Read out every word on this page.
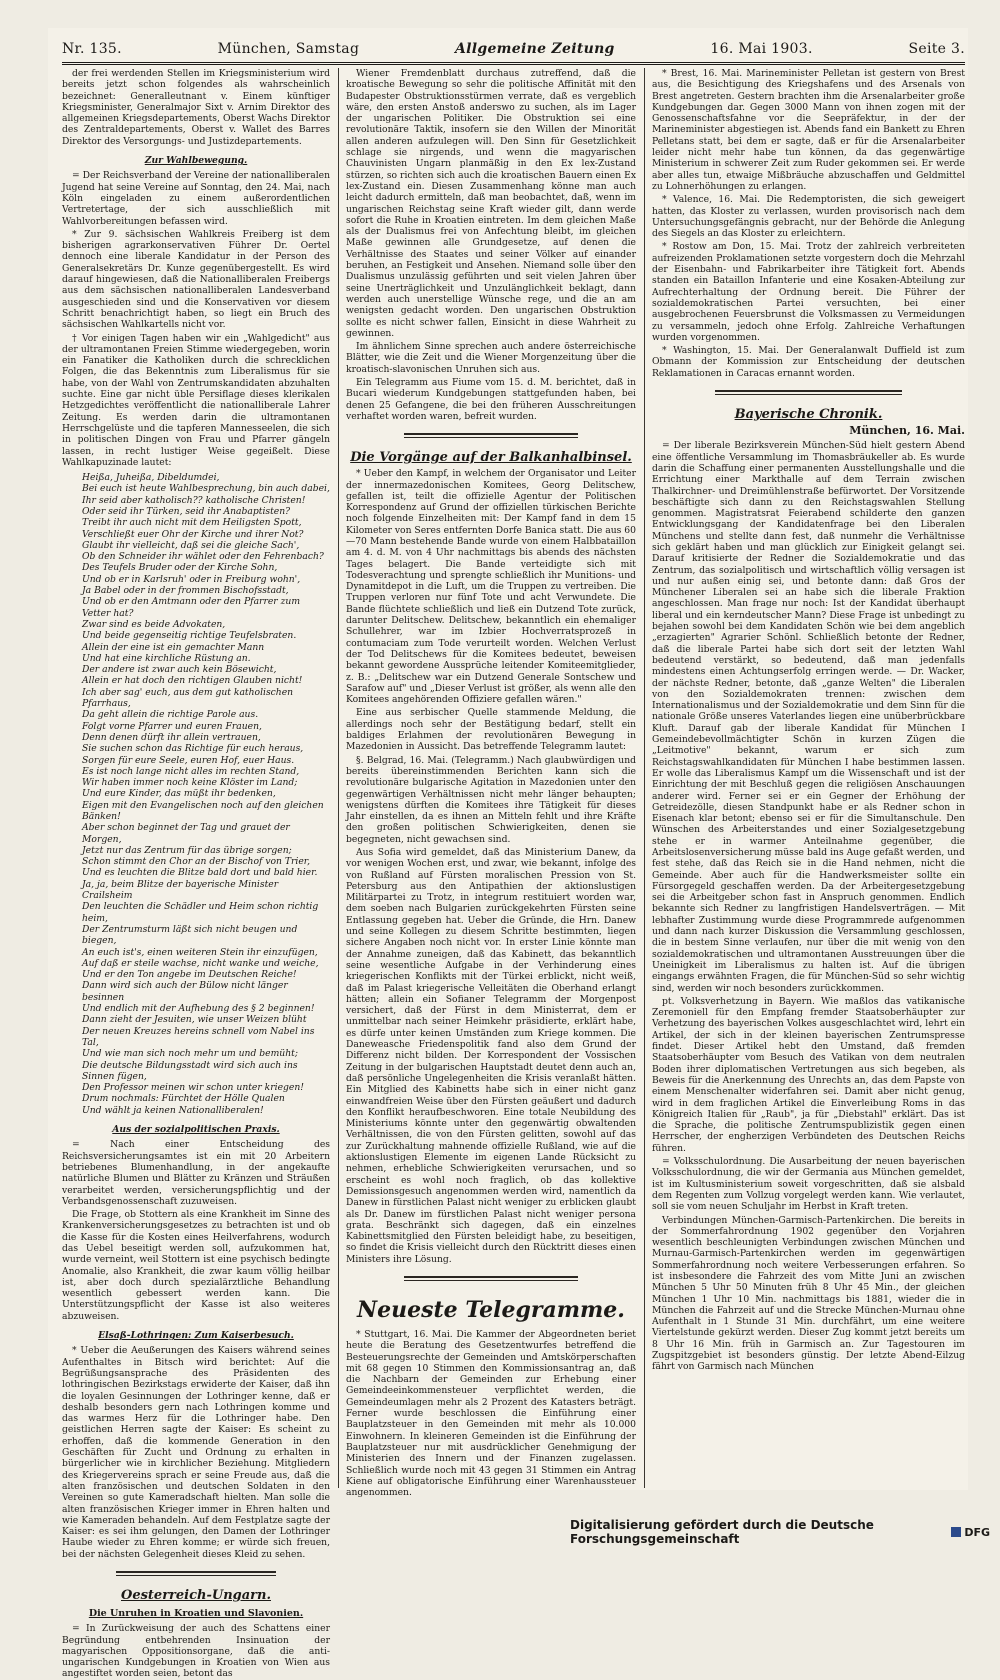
Nr. 135.	München, Samstag	Allgemeine Zeitung	16. Mai 1903.	Seite 3.

der frei werdenden Stellen im Kriegsministerium wird bereits jetzt schon folgendes als wahrscheinlich bezeichnet: Generalleutnant v. Einem künftiger Kriegsminister, Generalmajor Sixt v. Arnim Direktor des allgemeinen Kriegsdepartements, Oberst Wachs Direktor des Zentraldepartements, Oberst v. Wallet des Barres Direktor des Versorgungs- und Justizdepartements.

Zur Wahlbewegung.

= Der Reichsverband der Vereine der nationalliberalen Jugend hat seine Vereine auf Sonntag, den 24. Mai, nach Köln eingeladen zu einem außerordentlichen Vertretertage, der sich ausschließlich mit Wahlvorbereitungen befassen wird.

* Zur 9. sächsischen Wahlkreis Freiberg ist dem bisherigen agrarkonservativen Führer Dr. Oertel dennoch eine liberale Kandidatur in der Person des Generalsekretärs Dr. Kunze gegenübergestellt. Es wird darauf hingewiesen, daß die Nationalliberalen Freibergs aus dem sächsischen nationalliberalen Landesverband ausgeschieden sind und die Konservativen vor diesem Schritt benachrichtigt haben, so liegt ein Bruch des sächsischen Wahlkartells nicht vor.

† Vor einigen Tagen haben wir ein „Wahlgedicht" aus der ultramontanen Freien Stimme wiedergegeben, worin ein Fanatiker die Katholiken durch die schrecklichen Folgen, die das Bekenntnis zum Liberalismus für sie habe, von der Wahl von Zentrumskandidaten abzuhalten suchte. Eine gar nicht üble Persiflage dieses klerikalen Hetzgedichtes veröffentlicht die nationalliberale Lahrer Zeitung. Es werden darin die ultramontanen Herrschgelüste und die tapferen Mannesseelen, die sich in politischen Dingen von Frau und Pfarrer gängeln lassen, in recht lustiger Weise gegeißelt. Diese Wahlkapuzinade lautet:

Heißa, Juheißa, Dibeldumdei,
Bei euch ist heute Wahlbesprechung, bin auch dabei,
Ihr seid aber katholisch?? katholische Christen!
Oder seid ihr Türken, seid ihr Anabaptisten?
Treibt ihr auch nicht mit dem Heiligsten Spott,
Verschließt euer Ohr der Kirche und ihrer Not?
Glaubt ihr vielleicht, daß sei die gleiche Sach',
Ob den Schneider ihr wählet oder den Fehrenbach?
Des Teufels Bruder oder der Kirche Sohn,
Und ob er in Karlsruh' oder in Freiburg wohn',
Ja Babel oder in der frommen Bischofsstadt,
Und ob er den Amtmann oder den Pfarrer zum Vetter hat?
Zwar sind es beide Advokaten,
Und beide gegenseitig richtige Teufelsbraten.
Allein der eine ist ein gemachter Mann
Und hat eine kirchliche Rüstung an.
Der andere ist zwar auch kein Bösewicht,
Allein er hat doch den richtigen Glauben nicht!
Ich aber sag' euch, aus dem gut katholischen Pfarrhaus,
Da geht allein die richtige Parole aus.
Folgt vorne Pfarrer und euren Frauen,
Denn denen dürft ihr allein vertrauen,
Sie suchen schon das Richtige für euch heraus,
Sorgen für eure Seele, euren Hof, euer Haus.
Es ist noch lange nicht alles im rechten Stand,
Wir haben immer noch keine Klöster im Land;
Und eure Kinder, das müßt ihr bedenken,
Eigen mit den Evangelischen noch auf den gleichen Bänken!
Aber schon beginnet der Tag und grauet der Morgen,
Jetzt nur das Zentrum für das übrige sorgen;
Schon stimmt den Chor an der Bischof von Trier,
Und es leuchten die Blitze bald dort und bald hier.
Ja, ja, beim Blitze der bayerische Minister Crailsheim
Den leuchten die Schädler und Heim schon richtig heim,
Der Zentrumsturm läßt sich nicht beugen und biegen,
An euch ist's, einen weiteren Stein ihr einzufügen,
Auf daß er steile wachse, nicht wanke und weiche,
Und er den Ton angebe im Deutschen Reiche!
Dann wird sich auch der Bülow nicht länger besinnen
Und endlich mit der Aufhebung des § 2 beginnen!
Dann zieht der Jesuiten, wie unser Weizen blüht
Der neuen Kreuzes hereins schnell vom Nabel ins Tal,
Und wie man sich noch mehr um und bemüht;
Die deutsche Bildungsstadt wird sich auch ins Sinnen fügen,
Den Professor meinen wir schon unter kriegen!
Drum nochmals: Fürchtet der Hölle Qualen
Und wählt ja keinen Nationalliberalen!
Aus der sozialpolitischen Praxis.

= Nach einer Entscheidung des Reichsversicherungsamtes ist ein mit 20 Arbeitern betriebenes Blumenhandlung, in der angekaufte natürliche Blumen und Blätter zu Kränzen und Sträußen verarbeitet werden, versicherungspflichtig und der Verbandsgenossenschaft zuzuweisen.

Die Frage, ob Stottern als eine Krankheit im Sinne des Krankenversicherungsgesetzes zu betrachten ist und ob die Kasse für die Kosten eines Heilverfahrens, wodurch das Uebel beseitigt werden soll, aufzukommen hat, wurde verneint, weil Stottern ist eine psychisch bedingte Anomalie, also Krankheit, die zwar kaum völlig heilbar ist, aber doch durch spezialärztliche Behandlung wesentlich gebessert werden kann. Die Unterstützungspflicht der Kasse ist also weiteres abzuweisen.

Elsaß-Lothringen: Zum Kaiserbesuch.

* Ueber die Aeußerungen des Kaisers während seines Aufenthaltes in Bitsch wird berichtet: Auf die Begrüßungsansprache des Präsidenten des lothringischen Bezirkstags erwiderte der Kaiser, daß ihn die loyalen Gesinnungen der Lothringer kenne, daß er deshalb besonders gern nach Lothringen komme und das warmes Herz für die Lothringer habe. Den geistlichen Herren sagte der Kaiser: Es scheint zu erhoffen, daß die kommende Generation in den Geschäften für Zucht und Ordnung zu erhalten in bürgerlicher wie in kirchlicher Beziehung. Mitgliedern des Kriegervereins sprach er seine Freude aus, daß die alten französischen und deutschen Soldaten in den Vereinen so gute Kameradschaft hielten. Man solle die alten französischen Krieger immer in Ehren halten und wie Kameraden behandeln. Auf dem Festplatze sagte der Kaiser: es sei ihm gelungen, den Damen der Lothringer Haube wieder zu Ehren komme; er würde sich freuen, bei der nächsten Gelegenheit dieses Kleid zu sehen.

Oesterreich-Ungarn.
Die Unruhen in Kroatien und Slavonien.

= In Zurückweisung der auch des Schattens einer Begründung entbehrenden Insinuation der magyarischen Oppositionsorgane, daß die anti-ungarischen Kundgebungen in Kroatien von Wien aus angestiftet worden seien, betont das

Wiener Fremdenblatt durchaus zutreffend, daß die kroatische Bewegung so sehr die politische Affinität mit den Budapester Obstruktionsstürmen verrate, daß es vergeblich wäre, den ersten Anstoß anderswo zu suchen, als im Lager der ungarischen Politiker. Die Obstruktion sei eine revolutionäre Taktik, insofern sie den Willen der Minorität allen anderen aufzulegen will. Den Sinn für Gesetzlichkeit schlage sie nirgends, und wenn die magyarischen Chauvinisten Ungarn planmäßig in den Ex lex-Zustand stürzen, so richten sich auch die kroatischen Bauern einen Ex lex-Zustand ein. Diesen Zusammenhang könne man auch leicht dadurch ermitteln, daß man beobachtet, daß, wenn im ungarischen Reichstag seine Kraft wieder gilt, dann werde sofort die Ruhe in Kroatien eintreten. Im dem gleichen Maße als der Dualismus frei von Anfechtung bleibt, im gleichen Maße gewinnen alle Grundgesetze, auf denen die Verhältnisse des Staates und seiner Völker auf einander beruhen, an Festigkeit und Ansehen. Niemand solle über den Dualismus unzulässig geführten und seit vielen Jahren über seine Unerträglichkeit und Unzulänglichkeit beklagt, dann werden auch unerstellige Wünsche rege, und die an am wenigsten gedacht worden. Den ungarischen Obstruktion sollte es nicht schwer fallen, Einsicht in diese Wahrheit zu gewinnen.

Im ähnlichem Sinne sprechen auch andere österreichische Blätter, wie die Zeit und die Wiener Morgenzeitung über die kroatisch-slavonischen Unruhen sich aus.

Ein Telegramm aus Fiume vom 15. d. M. berichtet, daß in Bucari wiederum Kundgebungen stattgefunden haben, bei denen 25 Gefangene, die bei den früheren Ausschreitungen verhaftet worden waren, befreit wurden.

Die Vorgänge auf der Balkanhalbinsel.

* Ueber den Kampf, in welchem der Organisator und Leiter der innermazedonischen Komitees, Georg Delitschew, gefallen ist, teilt die offizielle Agentur der Politischen Korrespondenz auf Grund der offiziellen türkischen Berichte noch folgende Einzelheiten mit: Der Kampf fand in dem 15 Kilometer von Seres entfernten Dorfe Banica statt. Die aus 60—70 Mann bestehende Bande wurde von einem Halbbataillon am 4. d. M. von 4 Uhr nachmittags bis abends des nächsten Tages belagert. Die Bande verteidigte sich mit Todesverachtung und sprengte schließlich ihr Munitions- und Dynamitdepot in die Luft, um die Truppen zu vertreiben. Die Truppen verloren nur fünf Tote und acht Verwundete. Die Bande flüchtete schließlich und ließ ein Dutzend Tote zurück, darunter Delitschew. Delitschew, bekanntlich ein ehemaliger Schullehrer, war im Izbier Hochverratsprozeß in contumaciam zum Tode verurteilt worden. Welchen Verlust der Tod Delitschews für die Komitees bedeutet, beweisen bekannt gewordene Aussprüche leitender Komiteemitglieder, z. B.: „Delitschew war ein Dutzend Generale Sontschew und Sarafow auf" und „Dieser Verlust ist größer, als wenn alle den Komitees angehörenden Offiziere gefallen wären."

Eine aus serbischer Quelle stammende Meldung, die allerdings noch sehr der Bestätigung bedarf, stellt ein baldiges Erlahmen der revolutionären Bewegung in Mazedonien in Aussicht. Das betreffende Telegramm lautet:

§. Belgrad, 16. Mai. (Telegramm.) Nach glaubwürdigen und bereits übereinstimmenden Berichten kann sich die revolutionäre bulgarische Agitation in Mazedonien unter den gegenwärtigen Verhältnissen nicht mehr länger behaupten; wenigstens dürften die Komitees ihre Tätigkeit für dieses Jahr einstellen, da es ihnen an Mitteln fehlt und ihre Kräfte den großen politischen Schwierigkeiten, denen sie begegneten, nicht gewachsen sind.

Aus Sofia wird gemeldet, daß das Ministerium Danew, da vor wenigen Wochen erst, und zwar, wie bekannt, infolge des von Rußland auf Fürsten moralischen Pression von St. Petersburg aus den Antipathien der aktionslustigen Militärpartei zu Trotz, in integrum restituiert worden war, dem soeben nach Bulgarien zurückgekehrten Fürsten seine Entlassung gegeben hat. Ueber die Gründe, die Hrn. Danew und seine Kollegen zu diesem Schritte bestimmten, liegen sichere Angaben noch nicht vor. In erster Linie könnte man der Annahme zuneigen, daß das Kabinett, das bekanntlich seine wesentliche Aufgabe in der Verhinderung eines kriegerischen Konflikts mit der Türkei erblickt, nicht weiß, daß im Palast kriegerische Velleitäten die Oberhand erlangt hätten; allein ein Sofianer Telegramm der Morgenpost versichert, daß der Fürst in dem Ministerrat, dem er unmittelbar nach seiner Heimkehr präsidierte, erklärt habe, es dürfe unter keinen Umständen zum Kriege kommen. Die Daneweasche Friedenspolitik fand also dem Grund der Differenz nicht bilden. Der Korrespondent der Vossischen Zeitung in der bulgarischen Hauptstadt deutet denn auch an, daß persönliche Ungelegenheiten die Krisis veranlaßt hätten. Ein Mitglied des Kabinetts habe sich in einer nicht ganz einwandfreien Weise über den Fürsten geäußert und dadurch den Konflikt heraufbeschworen. Eine totale Neubildung des Ministeriums könnte unter den gegenwärtig obwaltenden Verhältnissen, die von den Fürsten gelitten, sowohl auf das zur Zurückhaltung mahnende offizielle Rußland, wie auf die aktionslustigen Elemente im eigenen Lande Rücksicht zu nehmen, erhebliche Schwierigkeiten verursachen, und so erscheint es wohl noch fraglich, ob das kollektive Demissionsgesuch angenommen werden wird, namentlich da Danew in fürstlichen Palast nicht weniger zu erblicken glaubt als Dr. Danew im fürstlichen Palast nicht weniger persona grata. Beschränkt sich dagegen, daß ein einzelnes Kabinettsmitglied den Fürsten beleidigt habe, zu beseitigen, so findet die Krisis vielleicht durch den Rücktritt dieses einen Ministers ihre Lösung.

Neueste Telegramme.

* Stuttgart, 16. Mai. Die Kammer der Abgeordneten beriet heute die Beratung des Gesetzentwurfes betreffend die Besteuerungsrechte der Gemeinden und Amtskörperschaften mit 68 gegen 10 Stimmen den Kommissionsantrag an, daß die Nachbarn der Gemeinden zur Erhebung einer Gemeindeeinkommensteuer verpflichtet werden, die Gemeindeumlagen mehr als 2 Prozent des Katasters beträgt. Ferner wurde beschlossen die Einführung einer Bauplatzsteuer in den Gemeinden mit mehr als 10.000 Einwohnern. In kleineren Gemeinden ist die Einführung der Bauplatzsteuer nur mit ausdrücklicher Genehmigung der Ministerien des Innern und der Finanzen zugelassen. Schließlich wurde noch mit 43 gegen 31 Stimmen ein Antrag Kiene auf obligatorische Einführung einer Warenhaussteuer angenommen.

* Brest, 16. Mai. Marineminister Pelletan ist gestern von Brest aus, die Besichtigung des Kriegshafens und des Arsenals von Brest angetreten. Gestern brachten ihm die Arsenalarbeiter große Kundgebungen dar. Gegen 3000 Mann von ihnen zogen mit der Genossenschaftsfahne vor die Seepräfektur, in der der Marineminister abgestiegen ist. Abends fand ein Bankett zu Ehren Pelletans statt, bei dem er sagte, daß er für die Arsenalarbeiter leider nicht mehr habe tun können, da das gegenwärtige Ministerium in schwerer Zeit zum Ruder gekommen sei. Er werde aber alles tun, etwaige Mißbräuche abzuschaffen und Geldmittel zu Lohnerhöhungen zu erlangen.

* Valence, 16. Mai. Die Redemptoristen, die sich geweigert hatten, das Kloster zu verlassen, wurden provisorisch nach dem Untersuchungsgefängnis gebracht, nur der Behörde die Anlegung des Siegels an das Kloster zu erleichtern.

* Rostow am Don, 15. Mai. Trotz der zahlreich verbreiteten aufreizenden Proklamationen setzte vorgestern doch die Mehrzahl der Eisenbahn- und Fabrikarbeiter ihre Tätigkeit fort. Abends standen ein Bataillon Infanterie und eine Kosaken-Abteilung zur Aufrechterhaltung der Ordnung bereit. Die Führer der sozialdemokratischen Partei versuchten, bei einer ausgebrochenen Feuersbrunst die Volksmassen zu Vermeidungen zu versammeln, jedoch ohne Erfolg. Zahlreiche Verhaftungen wurden vorgenommen.

* Washington, 15. Mai. Der Generalanwalt Duffield ist zum Obmann der Kommission zur Entscheidung der deutschen Reklamationen in Caracas ernannt worden.

Bayerische Chronik.
München, 16. Mai.

= Der liberale Bezirksverein München-Süd hielt gestern Abend eine öffentliche Versammlung im Thomasbräukeller ab. Es wurde darin die Schaffung einer permanenten Ausstellungshalle und die Errichtung einer Markthalle auf dem Terrain zwischen Thalkirchner- und Dreimühlenstraße befürwortet. Der Vorsitzende beschäftigte sich dann zu den Reichstagswahlen Stellung genommen. Magistratsrat Feierabend schilderte den ganzen Entwicklungsgang der Kandidatenfrage bei den Liberalen Münchens und stellte dann fest, daß nunmehr die Verhältnisse sich geklärt haben und man glücklich zur Einigkeit gelangt sei. Darauf kritisierte der Redner die Sozialdemokratie und das Zentrum, das sozialpolitisch und wirtschaftlich völlig versagen ist und nur außen einig sei, und betonte dann: daß Gros der Münchener Liberalen sei an habe sich die liberale Fraktion angeschlossen. Man frage nur noch: Ist der Kandidat überhaupt liberal und ein kerndeutscher Mann? Diese Frage ist unbedingt zu bejahen sowohl bei dem Kandidaten Schön wie bei dem angeblich „erzagierten" Agrarier Schönl. Schließlich betonte der Redner, daß die liberale Partei habe sich dort seit der letzten Wahl bedeutend verstärkt, so bedeutend, daß man jedenfalls mindestens einen Achtungserfolg erringen werde. — Dr. Wacker, der nächste Redner, betonte, daß „ganze Welten" die Liberalen von den Sozialdemokraten trennen: zwischen dem Internationalismus und der Sozialdemokratie und dem Sinn für die nationale Größe unseres Vaterlandes liegen eine unüberbrückbare Kluft. Darauf gab der liberale Kandidat für München I Gemeindebevollmächtigter Schön in kurzen Zügen die „Leitmotive" bekannt, warum er sich zum Reichstagswahlkandidaten für München I habe bestimmen lassen. Er wolle das Liberalismus Kampf um die Wissenschaft und ist der Einrichtung der mit Beschluß gegen die religiösen Anschauungen anderer wird. Ferner sei er ein Gegner der Erhöhung der Getreidezölle, diesen Standpunkt habe er als Redner schon in Eisenach klar betont; ebenso sei er für die Simultanschule. Den Wünschen des Arbeiterstandes und einer Sozialgesetzgebung stehe er in warmer Anteilnahme gegenüber, die Arbeitslosenversicherung müsse bald ins Auge gefaßt werden, und fest stehe, daß das Reich sie in die Hand nehmen, nicht die Gemeinde. Aber auch für die Handwerksmeister sollte ein Fürsorgegeld geschaffen werden. Da der Arbeitergesetzgebung sei die Arbeitgeber schon fast in Anspruch genommen. Endlich bekannte sich Redner zu langfristigen Handelsverträgen. — Mit lebhafter Zustimmung wurde diese Programmrede aufgenommen und dann nach kurzer Diskussion die Versammlung geschlossen, die in bestem Sinne verlaufen, nur über die mit wenig von den sozialdemokratischen und ultramontanen Ausstreuungen über die Uneinigkeit im Liberalismus zu halten ist. Auf die übrigen eingangs erwähnten Fragen, die für München-Süd so sehr wichtig sind, werden wir noch besonders zurückkommen.

pt. Volksverhetzung in Bayern. Wie maßlos das vatikanische Zeremoniell für den Empfang fremder Staatsoberhäupter zur Verhetzung des bayerischen Volkes ausgeschlachtet wird, lehrt ein Artikel, der sich in der kleinen bayerischen Zentrumspresse findet. Dieser Artikel hebt den Umstand, daß fremden Staatsoberhäupter vom Besuch des Vatikan von dem neutralen Boden ihrer diplomatischen Vertretungen aus sich begeben, als Beweis für die Anerkennung des Unrechts an, das dem Papste von einem Menschenalter widerfahren sei. Damit aber nicht genug, wird in dem fraglichen Artikel die Einverleibung Roms in das Königreich Italien für „Raub", ja für „Diebstahl" erklärt. Das ist die Sprache, die politische Zentrumspublizistik gegen einen Herrscher, der engherzigen Verbündeten des Deutschen Reichs führen.

= Volksschulordnung. Die Ausarbeitung der neuen bayerischen Volksschulordnung, die wir der Germania aus München gemeldet, ist im Kultusministerium soweit vorgeschritten, daß sie alsbald dem Regenten zum Vollzug vorgelegt werden kann. Wie verlautet, soll sie vom neuen Schuljahr im Herbst in Kraft treten.

Verbindungen München-Garmisch-Partenkirchen. Die bereits in der Sommerfahrordnung 1902 gegenüber den Vorjahren wesentlich beschleunigten Verbindungen zwischen München und Murnau-Garmisch-Partenkirchen werden im gegenwärtigen Sommerfahrordnung noch weitere Verbesserungen erfahren. So ist insbesondere die Fahrzeit des vom Mitte Juni an zwischen München 5 Uhr 50 Minuten früh 8 Uhr 45 Min., der gleichen München 1 Uhr 10 Min. nachmittags bis 1881, wieder die in München die Fahrzeit auf und die Strecke München-Murnau ohne Aufenthalt in 1 Stunde 31 Min. durchfährt, um eine weitere Viertelstunde gekürzt werden. Dieser Zug kommt jetzt bereits um 8 Uhr 16 Min. früh in Garmisch an. Zur Tagestouren im Zugspitzgebiet ist besonders günstig. Der letzte Abend-Eilzug fährt von Garmisch nach München

Digitalisierung gefördert durch die Deutsche Forschungsgemeinschaft	DFG
